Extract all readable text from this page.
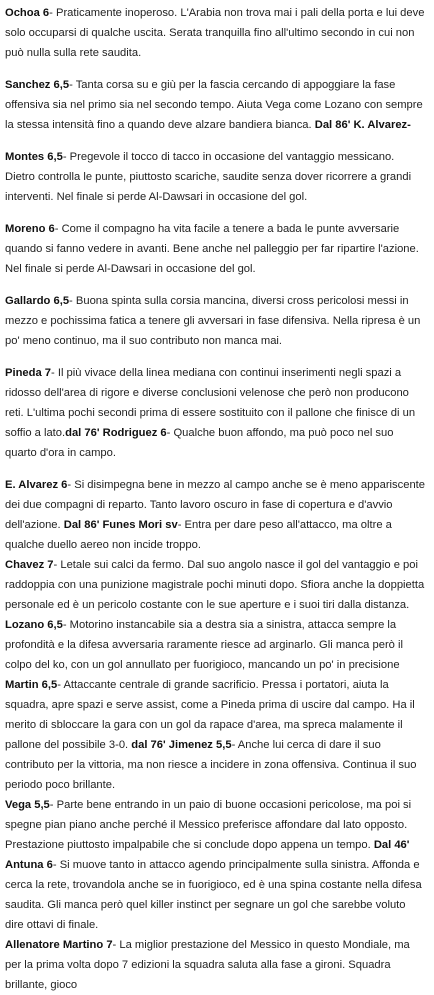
Ochoa 6- Praticamente inoperoso. L'Arabia non trova mai i pali della porta e lui deve solo occuparsi di qualche uscita. Serata tranquilla fino all'ultimo secondo in cui non può nulla sulla rete saudita.

Sanchez 6,5- Tanta corsa su e giù per la fascia cercando di appoggiare la fase offensiva sia nel primo sia nel secondo tempo. Aiuta Vega come Lozano con sempre la stessa intensità fino a quando deve alzare bandiera bianca. Dal 86' K. Alvarez-

Montes 6,5- Pregevole il tocco di tacco in occasione del vantaggio messicano. Dietro controlla le punte, piuttosto scariche, saudite senza dover ricorrere a grandi interventi. Nel finale si perde Al-Dawsari in occasione del gol.

Moreno 6- Come il compagno ha vita facile a tenere a bada le punte avversarie quando si fanno vedere in avanti. Bene anche nel palleggio per far ripartire l'azione. Nel finale si perde Al-Dawsari in occasione del gol.

Gallardo 6,5- Buona spinta sulla corsia mancina, diversi cross pericolosi messi in mezzo e pochissima fatica a tenere gli avversari in fase difensiva. Nella ripresa è un po' meno continuo, ma il suo contributo non manca mai.

Pineda 7- Il più vivace della linea mediana con continui inserimenti negli spazi a ridosso dell'area di rigore e diverse conclusioni velenose che però non producono reti. L'ultima pochi secondi prima di essere sostituito con il pallone che finisce di un soffio a lato.dal 76' Rodriguez 6- Qualche buon affondo, ma può poco nel suo quarto d'ora in campo.

E. Alvarez 6- Si disimpegna bene in mezzo al campo anche se è meno appariscente dei due compagni di reparto. Tanto lavoro oscuro in fase di copertura e d'avvio dell'azione. Dal 86' Funes Mori sv- Entra per dare peso all'attacco, ma oltre a qualche duello aereo non incide troppo.

Chavez 7- Letale sui calci da fermo. Dal suo angolo nasce il gol del vantaggio e poi raddoppia con una punizione magistrale pochi minuti dopo. Sfiora anche la doppietta personale ed è un pericolo costante con le sue aperture e i suoi tiri dalla distanza.

Lozano 6,5- Motorino instancabile sia a destra sia a sinistra, attacca sempre la profondità e la difesa avversaria raramente riesce ad arginarlo. Gli manca però il colpo del ko, con un gol annullato per fuorigioco, mancando un po' in precisione

Martin 6,5- Attaccante centrale di grande sacrificio. Pressa i portatori, aiuta la squadra, apre spazi e serve assist, come a Pineda prima di uscire dal campo. Ha il merito di sbloccare la gara con un gol da rapace d'area, ma spreca malamente il pallone del possibile 3-0. dal 76' Jimenez 5,5- Anche lui cerca di dare il suo contributo per la vittoria, ma non riesce a incidere in zona offensiva. Continua il suo periodo poco brillante.

Vega 5,5- Parte bene entrando in un paio di buone occasioni pericolose, ma poi si spegne pian piano anche perché il Messico preferisce affondare dal lato opposto. Prestazione piuttosto impalpabile che si conclude dopo appena un tempo. Dal 46' Antuna 6- Si muove tanto in attacco agendo principalmente sulla sinistra. Affonda e cerca la rete, trovandola anche se in fuorigioco, ed è una spina costante nella difesa saudita. Gli manca però quel killer instinct per segnare un gol che sarebbe voluto dire ottavi di finale.

Allenatore Martino 7- La miglior prestazione del Messico in questo Mondiale, ma per la prima volta dopo 7 edizioni la squadra saluta alla fase a gironi. Squadra brillante, gioco
